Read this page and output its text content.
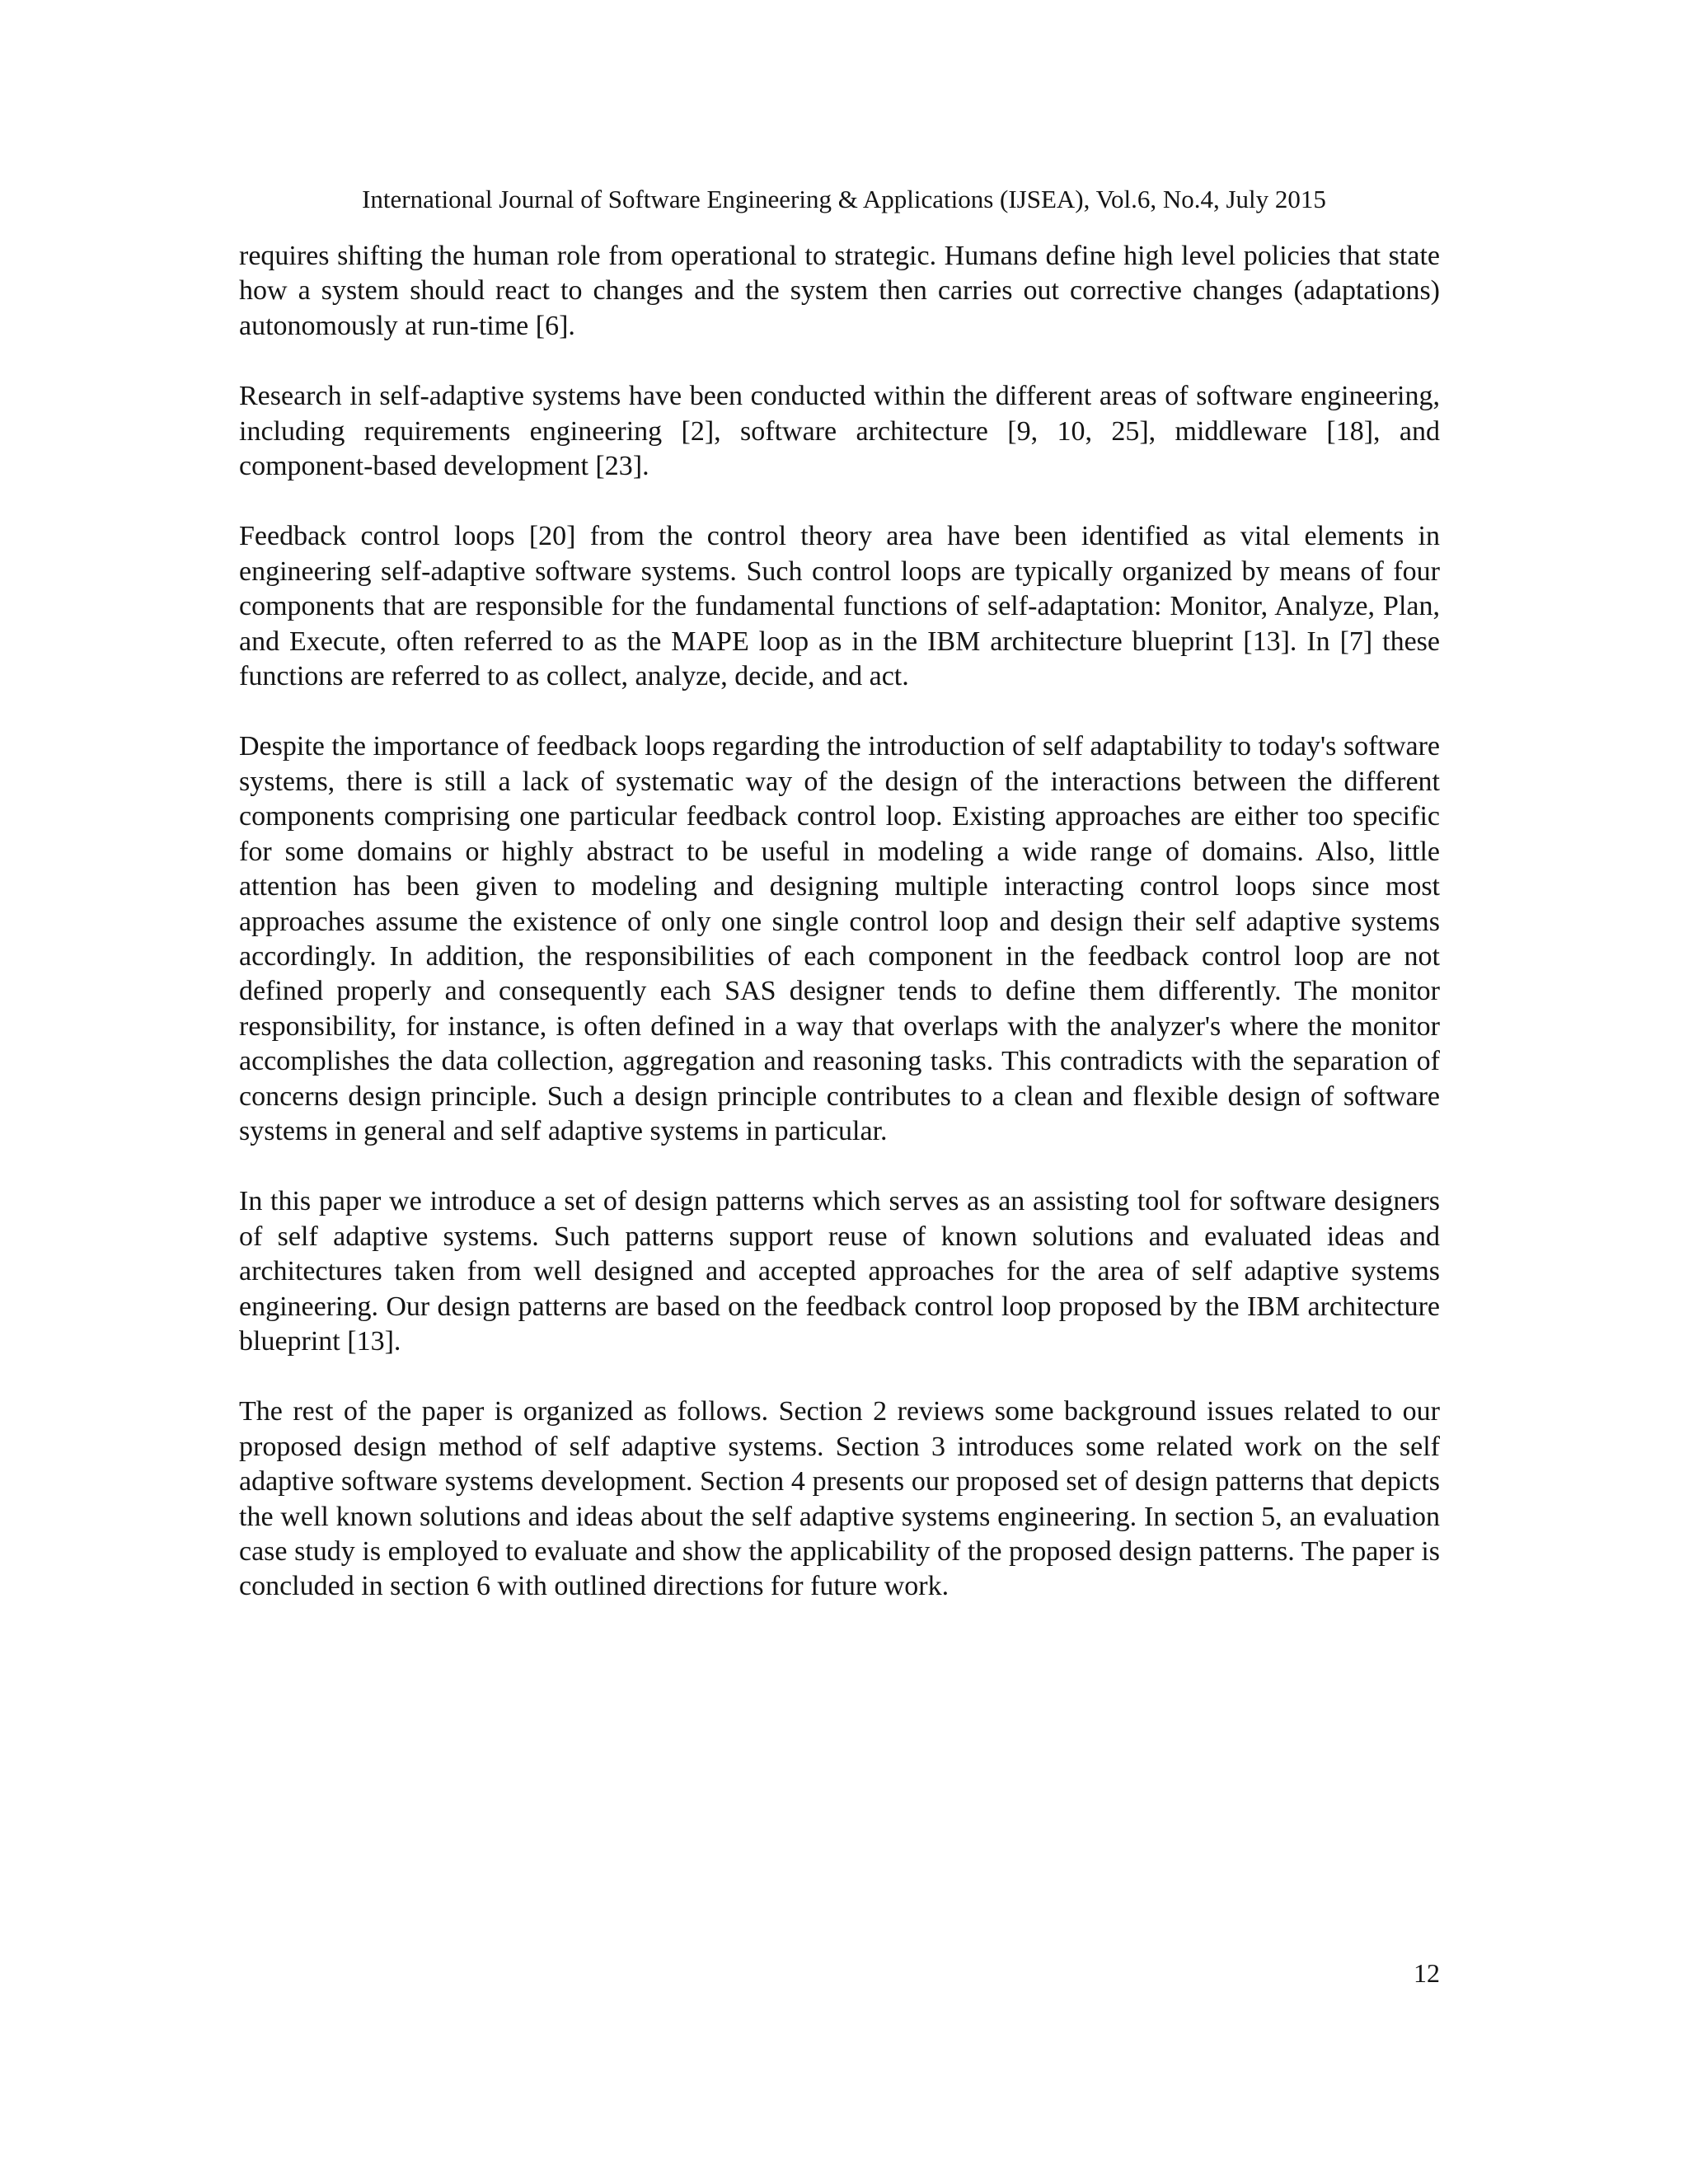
International Journal of Software Engineering & Applications (IJSEA), Vol.6, No.4, July 2015

requires shifting the human role from operational to strategic. Humans define high level policies that state how a system should react to changes and the system then carries out corrective changes (adaptations) autonomously at run-time [6].

Research in self-adaptive systems have been conducted within the different areas of software engineering, including requirements engineering [2], software architecture [9, 10, 25], middleware [18], and component-based development [23].

Feedback control loops [20] from the control theory area have been identified as vital elements in engineering self-adaptive software systems. Such control loops are typically organized by means of four components that are responsible for the fundamental functions of self-adaptation: Monitor, Analyze, Plan, and Execute, often referred to as the MAPE loop as in the IBM architecture blueprint [13]. In [7] these functions are referred to as collect, analyze, decide, and act.

Despite the importance of feedback loops regarding the introduction of self adaptability to today's software systems, there is still a lack of systematic way of the design of the interactions between the different components comprising one particular feedback control loop. Existing approaches are either too specific for some domains or highly abstract to be useful in modeling a wide range of domains. Also, little attention has been given to modeling and designing multiple interacting control loops since most approaches assume the existence of only one single control loop and design their self adaptive systems accordingly. In addition, the responsibilities of each component in the feedback control loop are not defined properly and consequently each SAS designer tends to define them differently. The monitor responsibility, for instance, is often defined in a way that overlaps with the analyzer's where the monitor accomplishes the data collection, aggregation and reasoning tasks. This contradicts with the separation of concerns design principle. Such a design principle contributes to a clean and flexible design of software systems in general and self adaptive systems in particular.

In this paper we introduce a set of design patterns which serves as an assisting tool for software designers of self adaptive systems. Such patterns support reuse of known solutions and evaluated ideas and architectures taken from well designed and accepted approaches for the area of self adaptive systems engineering. Our design patterns are based on the feedback control loop proposed by the IBM architecture blueprint [13].

The rest of the paper is organized as follows. Section 2 reviews some background issues related to our proposed design method of self adaptive systems. Section 3 introduces some related work on the self adaptive software systems development. Section 4 presents our proposed set of design patterns that depicts the well known solutions and ideas about the self adaptive systems engineering. In section 5, an evaluation case study is employed to evaluate and show the applicability of the proposed design patterns. The paper is concluded in section 6 with outlined directions for future work.

12
